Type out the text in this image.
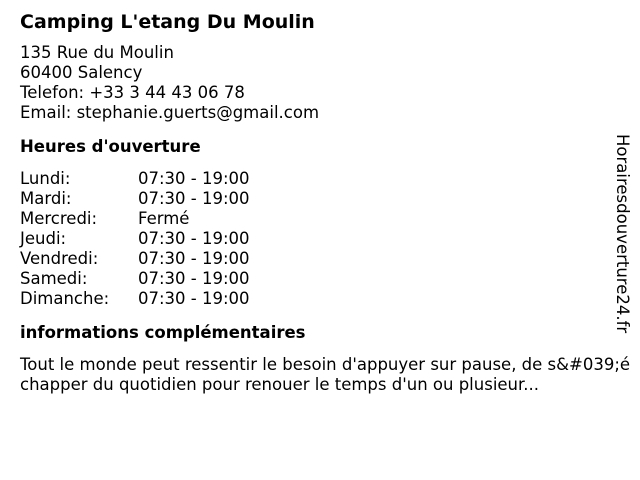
Camping L'etang Du Moulin
135 Rue du Moulin
60400 Salency
Telefon: +33 3 44 43 06 78
Email: stephanie.guerts@gmail.com
Heures d'ouverture
Lundi:	07:30 - 19:00
Mardi:	07:30 - 19:00
Mercredi: Fermé
Jeudi:	07:30 - 19:00
Vendredi: 07:30 - 19:00
Samedi:	07:30 - 19:00
Dimanche: 07:30 - 19:00
informations complémentaires
Tout le monde peut ressentir le besoin d'appuyer sur pause, de s&#039;échapper du quotidien pour renouer le temps d'un ou plusieur...
Horairesdouverture24.fr
